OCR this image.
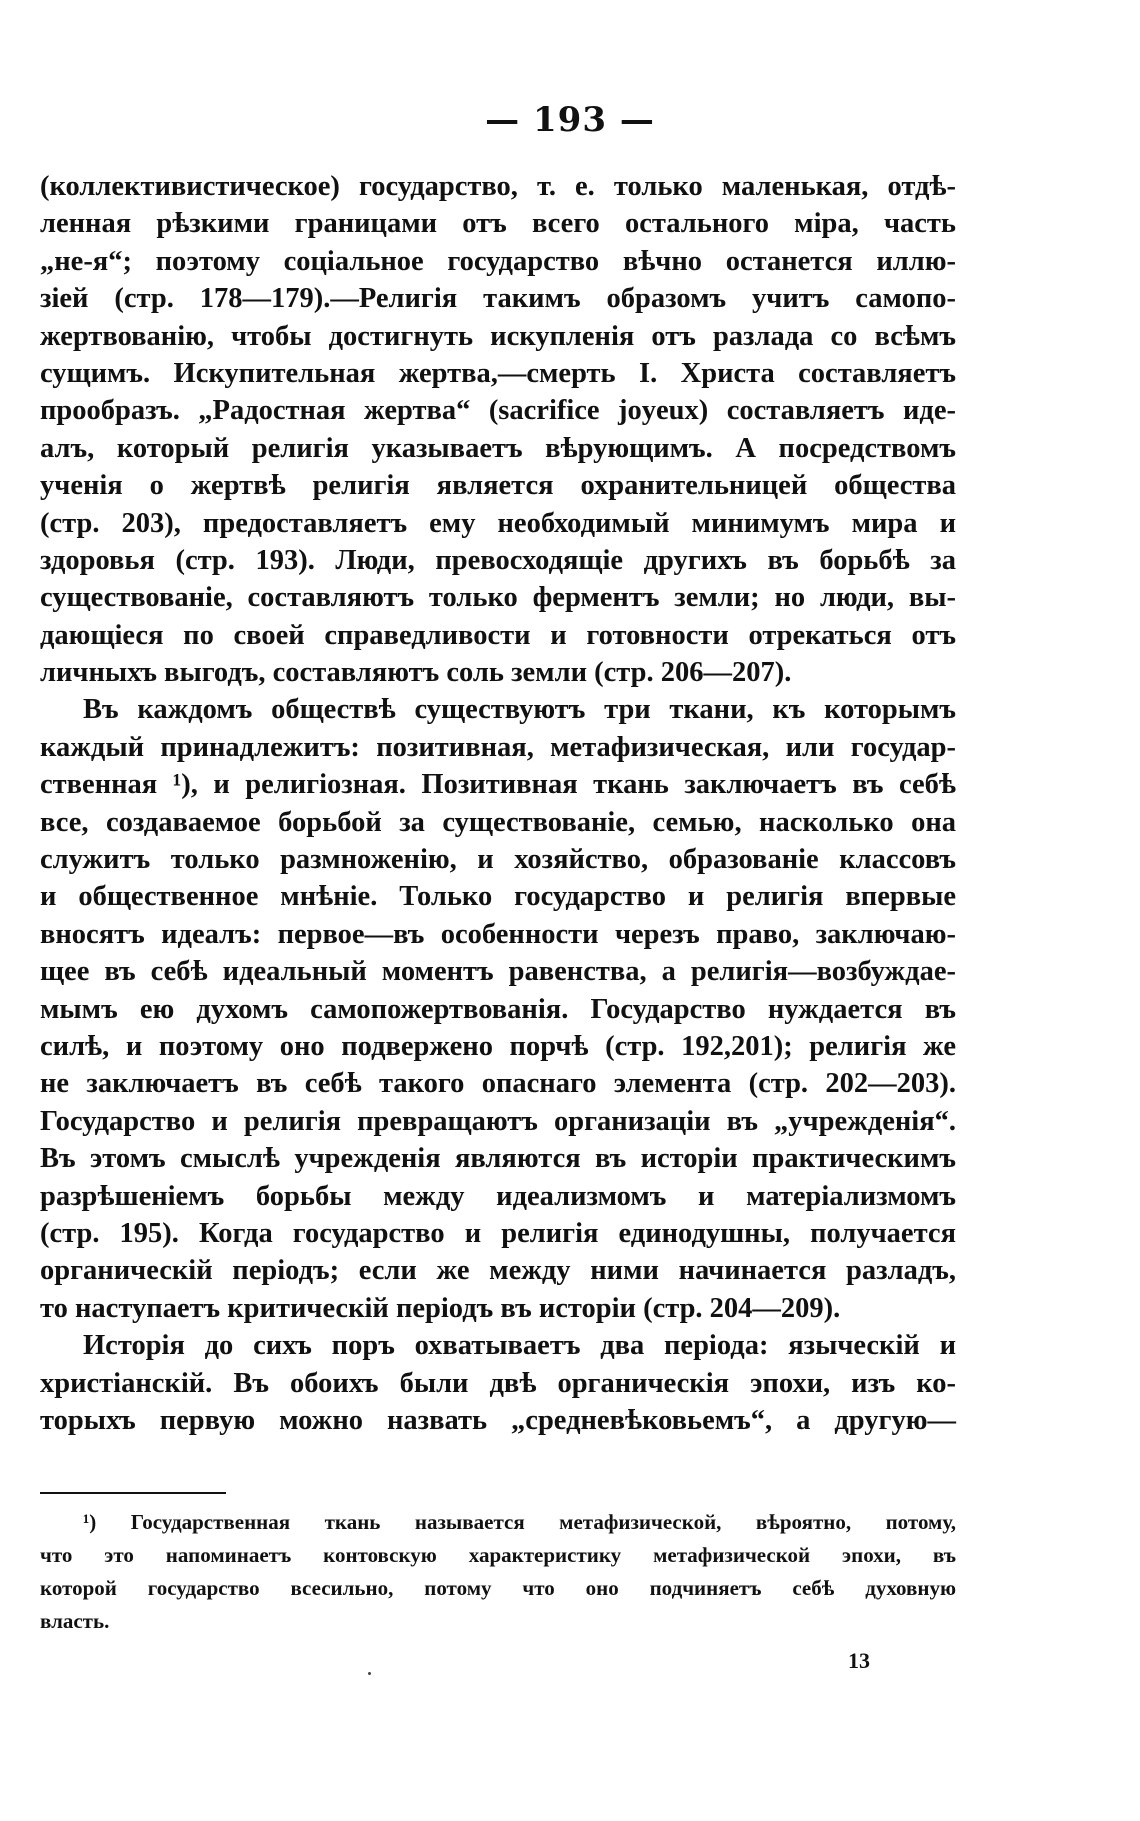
— 193 —
(коллективистическое) государство, т. е. только маленькая, отдѣ-
ленная рѣзкими границами отъ всего остального міра, часть
„не-я“; поэтому соціальное государство вѣчно останется иллю-
зіей (стр. 178—179).—Религія такимъ образомъ учитъ самопо-
жертвованію, чтобы достигнуть искупленія отъ разлада со всѣмъ
сущимъ. Искупительная жертва,—смерть І. Христа составляетъ
прообразъ. „Радостная жертва“ (sacrifice joyeux) составляетъ иде-
алъ, который религія указываетъ вѣрующимъ. А посредствомъ
ученія о жертвѣ религія является охранительницей общества
(стр. 203), предоставляетъ ему необходимый минимумъ мира и
здоровья (стр. 193). Люди, превосходящіе другихъ въ борьбѣ за
существованіе, составляютъ только ферментъ земли; но люди, вы-
дающіеся по своей справедливости и готовности отрекаться отъ
личныхъ выгодъ, составляютъ соль земли (стр. 206—207).
Въ каждомъ обществѣ существуютъ три ткани, къ которымъ
каждый принадлежитъ: позитивная, метафизическая, или государ-
ственная ¹), и религіозная. Позитивная ткань заключаетъ въ себѣ
все, создаваемое борьбой за существованіе, семью, насколько она
служитъ только размноженію, и хозяйство, образованіе классовъ
и общественное мнѣніе. Только государство и религія впервые
вносятъ идеалъ: первое—въ особенности черезъ право, заключаю-
щее въ себѣ идеальный моментъ равенства, а религія—возбуждае-
мымъ ею духомъ самопожертвованія. Государство нуждается въ
силѣ, и поэтому оно подвержено порчѣ (стр. 192,201); религія же
не заключаетъ въ себѣ такого опаснаго элемента (стр. 202—203).
Государство и религія превращаютъ организаціи въ „учрежденія“.
Въ этомъ смыслѣ учрежденія являются въ исторіи практическимъ
разрѣшеніемъ борьбы между идеализмомъ и матеріализмомъ
(стр. 195). Когда государство и религія единодушны, получается
органическій періодъ; если же между ними начинается разладъ,
то наступаетъ критическій періодъ въ исторіи (стр. 204—209).
Исторія до сихъ поръ охватываетъ два періода: языческій и
христіанскій. Въ обоихъ были двѣ органическія эпохи, изъ ко-
торыхъ первую можно назвать „средневѣковьемъ“, а другую—
¹) Государственная ткань называется метафизической, вѣроятно, потому,
что это напоминаетъ контовскую характеристику метафизической эпохи, въ
которой государство всесильно, потому что оно подчиняетъ себѣ духовную
власть.
13
